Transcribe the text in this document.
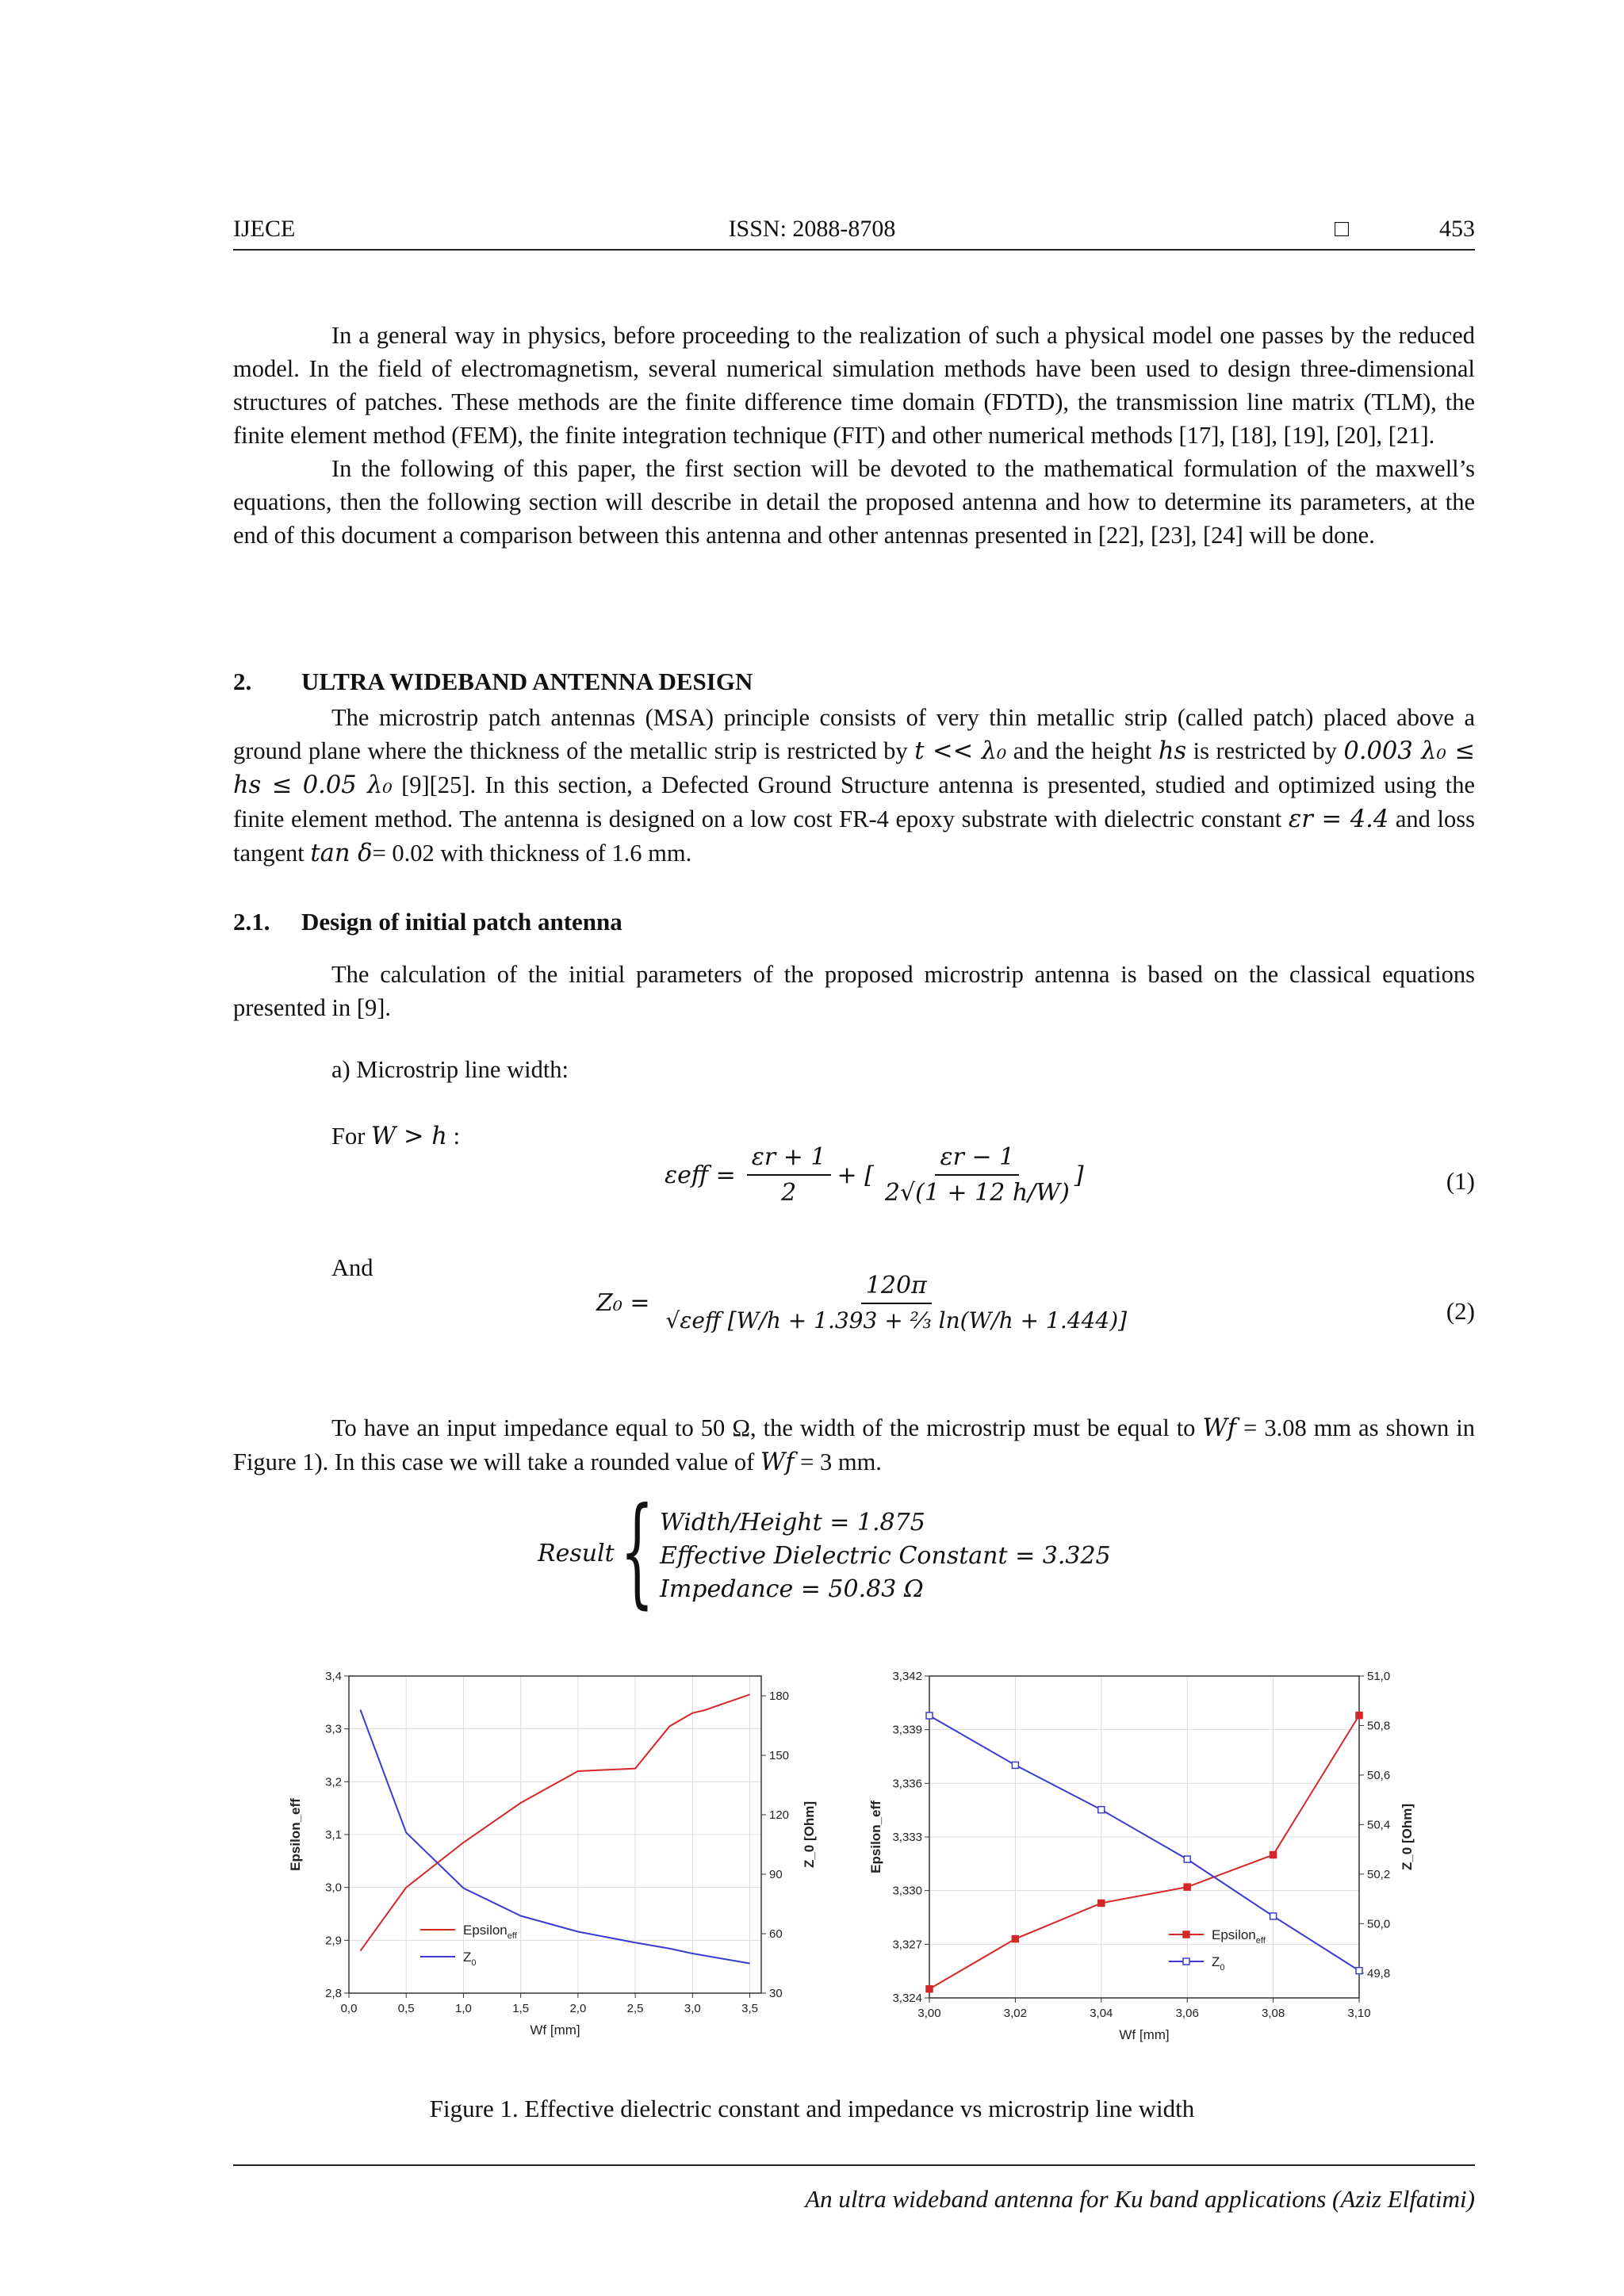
IJECE	ISSN: 2088-8708	□	453

In a general way in physics, before proceeding to the realization of such a physical model one passes by the reduced model. In the field of electromagnetism, several numerical simulation methods have been used to design three-dimensional structures of patches. These methods are the finite difference time domain (FDTD), the transmission line matrix (TLM), the finite element method (FEM), the finite integration technique (FIT) and other numerical methods [17], [18], [19], [20], [21].

In the following of this paper, the first section will be devoted to the mathematical formulation of the maxwell’s equations, then the following section will describe in detail the proposed antenna and how to determine its parameters, at the end of this document a comparison between this antenna and other antennas presented in [22], [23], [24] will be done.

2. ULTRA WIDEBAND ANTENNA DESIGN

The microstrip patch antennas (MSA) principle consists of very thin metallic strip (called patch) placed above a ground plane where the thickness of the metallic strip is restricted by t << λ₀ and the height hs is restricted by 0.003 λ₀ ≤ hs ≤ 0.05 λ₀ [9][25]. In this section, a Defected Ground Structure antenna is presented, studied and optimized using the finite element method. The antenna is designed on a low cost FR-4 epoxy substrate with dielectric constant εr = 4.4 and loss tangent tan δ= 0.02 with thickness of 1.6 mm.

2.1. Design of initial patch antenna

The calculation of the initial parameters of the proposed microstrip antenna is based on the classical equations presented in [9].

a) Microstrip line width:
For W > h :
$\varepsilon eff = \frac{\varepsilon r + 1}{2}$ + [ $\frac{\varepsilon r - 1}{2√(1 + 12 h/W)}$ ]	(1)
And
$Z_0 = \frac{120\pi}{\text{√εeff [W/h + 1.393 + ⅔ ln(W/h + 1.444)]}}$	(2)

To have an input impedance equal to 50 Ω, the width of the microstrip must be equal to Wf = 3.08 mm as shown in Figure 1). In this case we will take a rounded value of Wf = 3 mm.

Result { Width/Height = 1.875
Effective Dielectric Constant = 3.325
Impedance = 50.83 Ω
0,0	0,5	1,0	1,5	2,0	2,5	3,0	3,5
2,8
2,9
3,0
3,1
3,2
3,3
3,4
30
60
90
120
150
180
Wf [mm]
Epsilon_eff	Z_0 [Ohm]
Epsilon$_{eff}$
$Z_0$
3,00	3,02	3,04	3,06	3,08	3,10
3,324
3,327
3,330
3,333
3,336
3,339
3,342
49,8
50,0
50,2
50,4
50,6
50,8
51,0
Wf [mm]
Epsilon_eff	Z_0 [Ohm]
Epsilon$_{eff}$
$Z_0$
Figure 1. Effective dielectric constant and impedance vs microstrip line width
An ultra wideband antenna for Ku band applications (Aziz Elfatimi)
